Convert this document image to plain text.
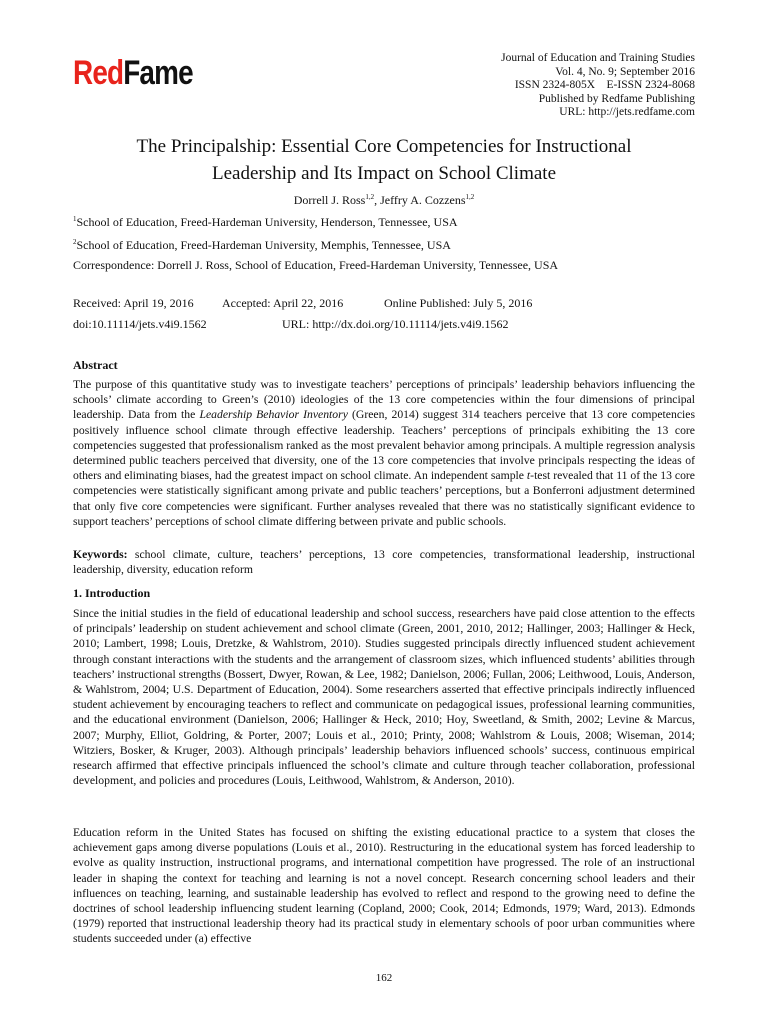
RedFame	Journal of Education and Training Studies
Vol. 4, No. 9; September 2016
ISSN 2324-805X    E-ISSN 2324-8068
Published by Redfame Publishing
URL: http://jets.redfame.com
The Principalship: Essential Core Competencies for Instructional
Leadership and Its Impact on School Climate
Dorrell J. Ross$^{1,2}$, Jeffry A. Cozzens$^{1,2}$
$^1$School of Education, Freed-Hardeman University, Henderson, Tennessee, USA
$^2$School of Education, Freed-Hardeman University, Memphis, Tennessee, USA
Correspondence: Dorrell J. Ross, School of Education, Freed-Hardeman University, Tennessee, USA
Received: April 19, 2016 Accepted: April 22, 2016	Online Published: July 5, 2016
doi:10.11114/jets.v4i9.1562	URL: http://dx.doi.org/10.11114/jets.v4i9.1562
Abstract
The purpose of this quantitative study was to investigate teachers’ perceptions of principals’ leadership behaviors influencing the schools’ climate according to Green’s (2010) ideologies of the 13 core competencies within the four dimensions of principal leadership. Data from the Leadership Behavior Inventory (Green, 2014) suggest 314 teachers perceive that 13 core competencies positively influence school climate through effective leadership. Teachers’ perceptions of principals exhibiting the 13 core competencies suggested that professionalism ranked as the most prevalent behavior among principals. A multiple regression analysis determined public teachers perceived that diversity, one of the 13 core competencies that involve principals respecting the ideas of others and eliminating biases, had the greatest impact on school climate. An independent sample t-test revealed that 11 of the 13 core competencies were statistically significant among private and public teachers’ perceptions, but a Bonferroni adjustment determined that only five core competencies were significant. Further analyses revealed that there was no statistically significant evidence to support teachers’ perceptions of school climate differing between private and public schools.
Keywords: school climate, culture, teachers’ perceptions, 13 core competencies, transformational leadership, instructional leadership, diversity, education reform
1. Introduction
Since the initial studies in the field of educational leadership and school success, researchers have paid close attention to the effects of principals’ leadership on student achievement and school climate (Green, 2001, 2010, 2012; Hallinger, 2003; Hallinger & Heck, 2010; Lambert, 1998; Louis, Dretzke, & Wahlstrom, 2010). Studies suggested principals directly influenced student achievement through constant interactions with the students and the arrangement of classroom sizes, which influenced students’ abilities through teachers’ instructional strengths (Bossert, Dwyer, Rowan, & Lee, 1982; Danielson, 2006; Fullan, 2006; Leithwood, Louis, Anderson, & Wahlstrom, 2004; U.S. Department of Education, 2004). Some researchers asserted that effective principals indirectly influenced student achievement by encouraging teachers to reflect and communicate on pedagogical issues, professional learning communities, and the educational environment (Danielson, 2006; Hallinger & Heck, 2010; Hoy, Sweetland, & Smith, 2002; Levine & Marcus, 2007; Murphy, Elliot, Goldring, & Porter, 2007; Louis et al., 2010; Printy, 2008; Wahlstrom & Louis, 2008; Wiseman, 2014; Witziers, Bosker, & Kruger, 2003). Although principals’ leadership behaviors influenced schools’ success, continuous empirical research affirmed that effective principals influenced the school’s climate and culture through teacher collaboration, professional development, and policies and procedures (Louis, Leithwood, Wahlstrom, & Anderson, 2010).
Education reform in the United States has focused on shifting the existing educational practice to a system that closes the achievement gaps among diverse populations (Louis et al., 2010). Restructuring in the educational system has forced leadership to evolve as quality instruction, instructional programs, and international competition have progressed. The role of an instructional leader in shaping the context for teaching and learning is not a novel concept. Research concerning school leaders and their influences on teaching, learning, and sustainable leadership has evolved to reflect and respond to the growing need to define the doctrines of school leadership influencing student learning (Copland, 2000; Cook, 2014; Edmonds, 1979; Ward, 2013). Edmonds (1979) reported that instructional leadership theory had its practical study in elementary schools of poor urban communities where students succeeded under (a) effective
162
